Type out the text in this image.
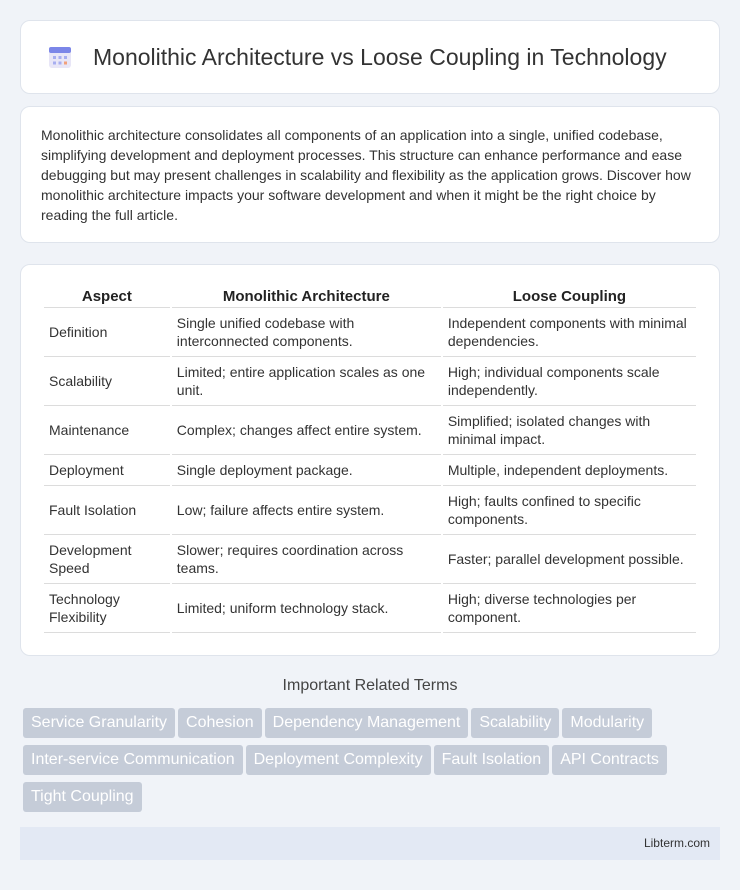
Monolithic Architecture vs Loose Coupling in Technology

Monolithic architecture consolidates all components of an application into a single, unified codebase, simplifying development and deployment processes. This structure can enhance performance and ease debugging but may present challenges in scalability and flexibility as the application grows. Discover how monolithic architecture impacts your software development and when it might be the right choice by reading the full article.

Aspect	Monolithic Architecture	Loose Coupling
Definition	Single unified codebase with interconnected components.	Independent components with minimal dependencies.
Scalability	Limited; entire application scales as one unit.	High; individual components scale independently.
Maintenance	Complex; changes affect entire system.	Simplified; isolated changes with minimal impact.
Deployment	Single deployment package.	Multiple, independent deployments.
Fault Isolation	Low; failure affects entire system.	High; faults confined to specific components.
Development Speed	Slower; requires coordination across teams.	Faster; parallel development possible.
Technology Flexibility	Limited; uniform technology stack.	High; diverse technologies per component.
Important Related Terms
Service Granularity Cohesion Dependency Management Scalability ModularityInter-service Communication Deployment Complexity Fault Isolation API ContractsTight Coupling
Libterm.com
